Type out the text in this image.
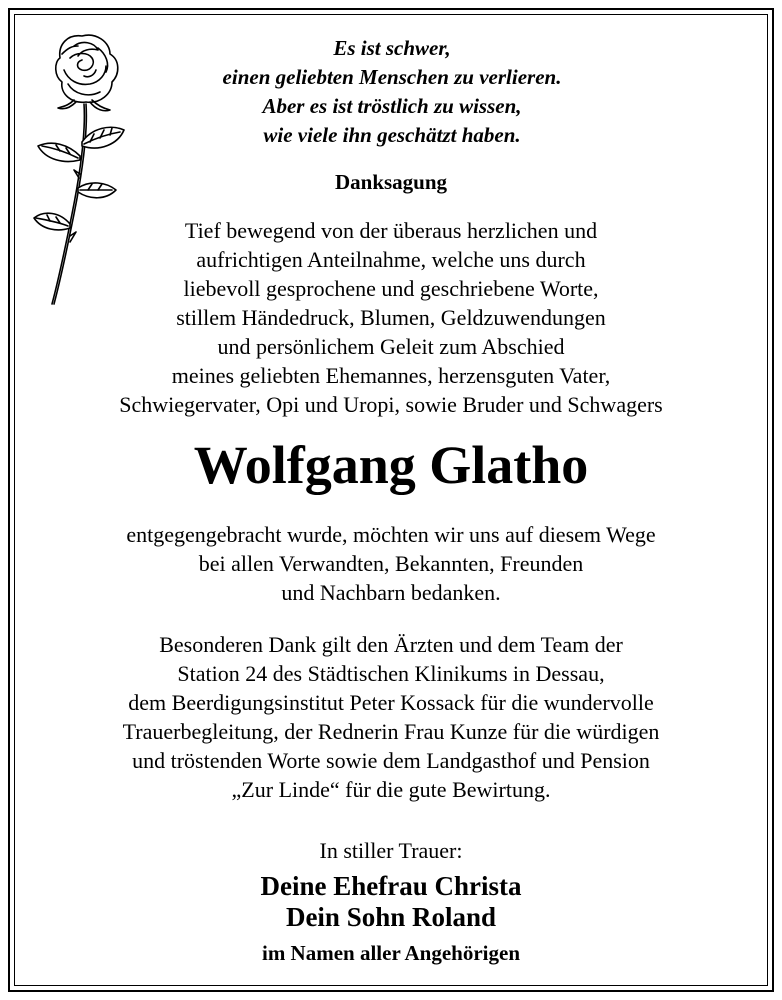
Es ist schwer,
einen geliebten Menschen zu verlieren.
Aber es ist tröstlich zu wissen,
wie viele ihn geschätzt haben.
Danksagung
Tief bewegend von der überaus herzlichen und
aufrichtigen Anteilnahme, welche uns durch
liebevoll gesprochene und geschriebene Worte,
stillem Händedruck, Blumen, Geldzuwendungen
und persönlichem Geleit zum Abschied
meines geliebten Ehemannes, herzensguten Vater,
Schwiegervater, Opi und Uropi, sowie Bruder und Schwagers
Wolfgang Glatho
entgegengebracht wurde, möchten wir uns auf diesem Wege
bei allen Verwandten, Bekannten, Freunden
und Nachbarn bedanken.
Besonderen Dank gilt den Ärzten und dem Team der
Station 24 des Städtischen Klinikums in Dessau,
dem Beerdigungsinstitut Peter Kossack für die wundervolle
Trauerbegleitung, der Rednerin Frau Kunze für die würdigen
und tröstenden Worte sowie dem Landgasthof und Pension
„Zur Linde“ für die gute Bewirtung.
In stiller Trauer:
Deine Ehefrau Christa
Dein Sohn Roland
im Namen aller Angehörigen
